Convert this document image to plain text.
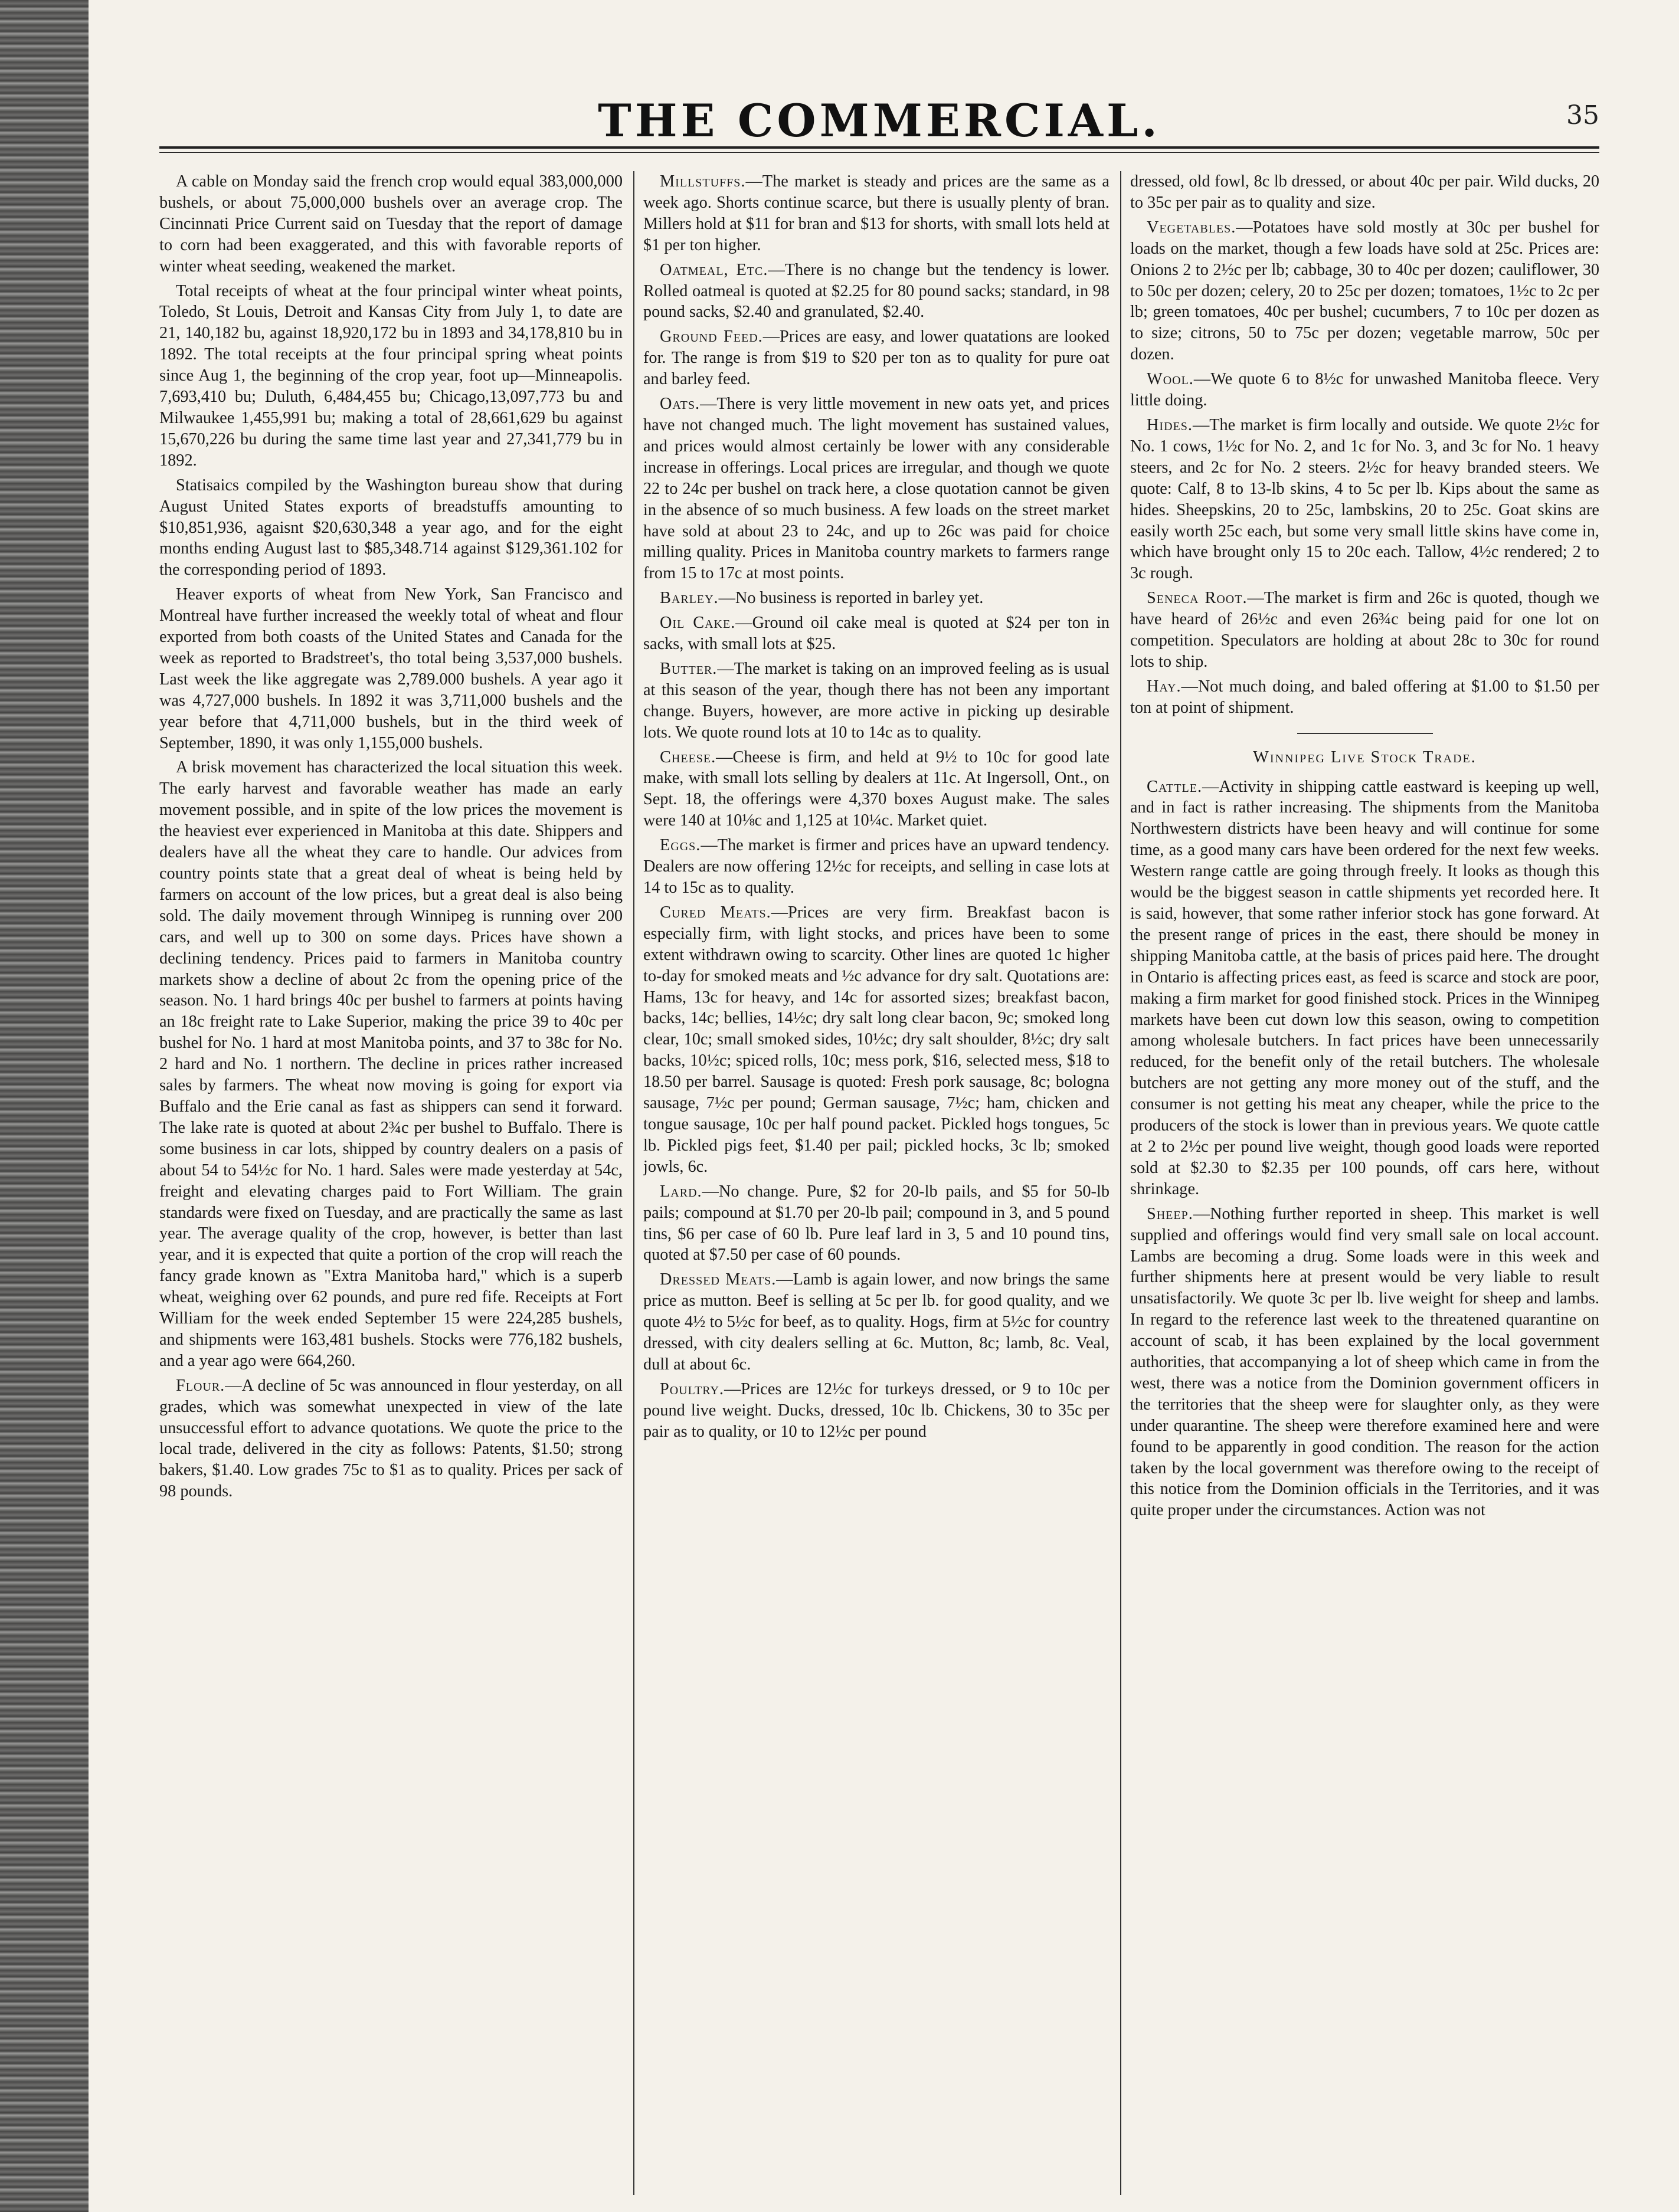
THE COMMERCIAL.	35

A cable on Monday said the french crop would equal 383,000,000 bushels, or about 75,000,000 bushels over an average crop. The Cincinnati Price Current said on Tuesday that the report of damage to corn had been exaggerated, and this with favorable reports of winter wheat seeding, weakened the market.

Total receipts of wheat at the four principal winter wheat points, Toledo, St Louis, Detroit and Kansas City from July 1, to date are 21, 140,182 bu, against 18,920,172 bu in 1893 and 34,178,810 bu in 1892. The total receipts at the four principal spring wheat points since Aug 1, the beginning of the crop year, foot up—Minneapolis. 7,693,410 bu; Duluth, 6,484,455 bu; Chicago,13,097,773 bu and Milwaukee 1,455,991 bu; making a total of 28,661,629 bu against 15,670,226 bu during the same time last year and 27,341,779 bu in 1892.

Statisaics compiled by the Washington bureau show that during August United States exports of breadstuffs amounting to $10,851,936, agaisnt $20,630,348 a year ago, and for the eight months ending August last to $85,348.714 against $129,361.102 for the corresponding period of 1893.

Heaver exports of wheat from New York, San Francisco and Montreal have further increased the weekly total of wheat and flour exported from both coasts of the United States and Canada for the week as reported to Bradstreet's, tho total being 3,537,000 bushels. Last week the like aggregate was 2,789.000 bushels. A year ago it was 4,727,000 bushels. In 1892 it was 3,711,000 bushels and the year before that 4,711,000 bushels, but in the third week of September, 1890, it was only 1,155,000 bushels.

A brisk movement has characterized the local situation this week. The early harvest and favorable weather has made an early movement possible, and in spite of the low prices the movement is the heaviest ever experienced in Manitoba at this date. Shippers and dealers have all the wheat they care to handle. Our advices from country points state that a great deal of wheat is being held by farmers on account of the low prices, but a great deal is also being sold. The daily movement through Winnipeg is running over 200 cars, and well up to 300 on some days. Prices have shown a declining tendency. Prices paid to farmers in Manitoba country markets show a decline of about 2c from the opening price of the season. No. 1 hard brings 40c per bushel to farmers at points having an 18c freight rate to Lake Superior, making the price 39 to 40c per bushel for No. 1 hard at most Manitoba points, and 37 to 38c for No. 2 hard and No. 1 northern. The decline in prices rather increased sales by farmers. The wheat now moving is going for export via Buffalo and the Erie canal as fast as shippers can send it forward. The lake rate is quoted at about 2¾c per bushel to Buffalo. There is some business in car lots, shipped by country dealers on a pasis of about 54 to 54½c for No. 1 hard. Sales were made yesterday at 54c, freight and elevating charges paid to Fort William. The grain standards were fixed on Tuesday, and are practically the same as last year. The average quality of the crop, however, is better than last year, and it is expected that quite a portion of the crop will reach the fancy grade known as "Extra Manitoba hard," which is a superb wheat, weighing over 62 pounds, and pure red fife. Receipts at Fort William for the week ended September 15 were 224,285 bushels, and shipments were 163,481 bushels. Stocks were 776,182 bushels, and a year ago were 664,260.

Flour.—A decline of 5c was announced in flour yesterday, on all grades, which was somewhat unexpected in view of the late unsuccessful effort to advance quotations. We quote the price to the local trade, delivered in the city as follows: Patents, $1.50; strong bakers, $1.40. Low grades 75c to $1 as to quality. Prices per sack of 98 pounds.

Millstuffs.—The market is steady and prices are the same as a week ago. Shorts continue scarce, but there is usually plenty of bran. Millers hold at $11 for bran and $13 for shorts, with small lots held at $1 per ton higher.

Oatmeal, Etc.—There is no change but the tendency is lower. Rolled oatmeal is quoted at $2.25 for 80 pound sacks; standard, in 98 pound sacks, $2.40 and granulated, $2.40.

Ground Feed.—Prices are easy, and lower quatations are looked for. The range is from $19 to $20 per ton as to quality for pure oat and barley feed.

Oats.—There is very little movement in new oats yet, and prices have not changed much. The light movement has sustained values, and prices would almost certainly be lower with any considerable increase in offerings. Local prices are irregular, and though we quote 22 to 24c per bushel on track here, a close quotation cannot be given in the absence of so much business. A few loads on the street market have sold at about 23 to 24c, and up to 26c was paid for choice milling quality. Prices in Manitoba country markets to farmers range from 15 to 17c at most points.

Barley.—No business is reported in barley yet.

Oil Cake.—Ground oil cake meal is quoted at $24 per ton in sacks, with small lots at $25.

Butter.—The market is taking on an improved feeling as is usual at this season of the year, though there has not been any important change. Buyers, however, are more active in picking up desirable lots. We quote round lots at 10 to 14c as to quality.

Cheese.—Cheese is firm, and held at 9½ to 10c for good late make, with small lots selling by dealers at 11c. At Ingersoll, Ont., on Sept. 18, the offerings were 4,370 boxes August make. The sales were 140 at 10⅛c and 1,125 at 10¼c. Market quiet.

Eggs.—The market is firmer and prices have an upward tendency. Dealers are now offering 12½c for receipts, and selling in case lots at 14 to 15c as to quality.

Cured Meats.—Prices are very firm. Breakfast bacon is especially firm, with light stocks, and prices have been to some extent withdrawn owing to scarcity. Other lines are quoted 1c higher to-day for smoked meats and ½c advance for dry salt. Quotations are: Hams, 13c for heavy, and 14c for assorted sizes; breakfast bacon, backs, 14c; bellies, 14½c; dry salt long clear bacon, 9c; smoked long clear, 10c; small smoked sides, 10½c; dry salt shoulder, 8½c; dry salt backs, 10½c; spiced rolls, 10c; mess pork, $16, selected mess, $18 to 18.50 per barrel. Sausage is quoted: Fresh pork sausage, 8c; bologna sausage, 7½c per pound; German sausage, 7½c; ham, chicken and tongue sausage, 10c per half pound packet. Pickled hogs tongues, 5c lb. Pickled pigs feet, $1.40 per pail; pickled hocks, 3c lb; smoked jowls, 6c.

Lard.—No change. Pure, $2 for 20-lb pails, and $5 for 50-lb pails; compound at $1.70 per 20-lb pail; compound in 3, and 5 pound tins, $6 per case of 60 lb. Pure leaf lard in 3, 5 and 10 pound tins, quoted at $7.50 per case of 60 pounds.

Dressed Meats.—Lamb is again lower, and now brings the same price as mutton. Beef is selling at 5c per lb. for good quality, and we quote 4½ to 5½c for beef, as to quality. Hogs, firm at 5½c for country dressed, with city dealers selling at 6c. Mutton, 8c; lamb, 8c. Veal, dull at about 6c.

Poultry.—Prices are 12½c for turkeys dressed, or 9 to 10c per pound live weight. Ducks, dressed, 10c lb. Chickens, 30 to 35c per pair as to quality, or 10 to 12½c per pound

dressed, old fowl, 8c lb dressed, or about 40c per pair. Wild ducks, 20 to 35c per pair as to quality and size.

Vegetables.—Potatoes have sold mostly at 30c per bushel for loads on the market, though a few loads have sold at 25c. Prices are: Onions 2 to 2½c per lb; cabbage, 30 to 40c per dozen; cauliflower, 30 to 50c per dozen; celery, 20 to 25c per dozen; tomatoes, 1½c to 2c per lb; green tomatoes, 40c per bushel; cucumbers, 7 to 10c per dozen as to size; citrons, 50 to 75c per dozen; vegetable marrow, 50c per dozen.

Wool.—We quote 6 to 8½c for unwashed Manitoba fleece. Very little doing.

Hides.—The market is firm locally and outside. We quote 2½c for No. 1 cows, 1½c for No. 2, and 1c for No. 3, and 3c for No. 1 heavy steers, and 2c for No. 2 steers. 2½c for heavy branded steers. We quote: Calf, 8 to 13-lb skins, 4 to 5c per lb. Kips about the same as hides. Sheepskins, 20 to 25c, lambskins, 20 to 25c. Goat skins are easily worth 25c each, but some very small little skins have come in, which have brought only 15 to 20c each. Tallow, 4½c rendered; 2 to 3c rough.

Seneca Root.—The market is firm and 26c is quoted, though we have heard of 26½c and even 26¾c being paid for one lot on competition. Speculators are holding at about 28c to 30c for round lots to ship.

Hay.—Not much doing, and baled offering at $1.00 to $1.50 per ton at point of shipment.

Winnipeg Live Stock Trade.

Cattle.—Activity in shipping cattle eastward is keeping up well, and in fact is rather increasing. The shipments from the Manitoba Northwestern districts have been heavy and will continue for some time, as a good many cars have been ordered for the next few weeks. Western range cattle are going through freely. It looks as though this would be the biggest season in cattle shipments yet recorded here. It is said, however, that some rather inferior stock has gone forward. At the present range of prices in the east, there should be money in shipping Manitoba cattle, at the basis of prices paid here. The drought in Ontario is affecting prices east, as feed is scarce and stock are poor, making a firm market for good finished stock. Prices in the Winnipeg markets have been cut down low this season, owing to competition among wholesale butchers. In fact prices have been unnecessarily reduced, for the benefit only of the retail butchers. The wholesale butchers are not getting any more money out of the stuff, and the consumer is not getting his meat any cheaper, while the price to the producers of the stock is lower than in previous years. We quote cattle at 2 to 2½c per pound live weight, though good loads were reported sold at $2.30 to $2.35 per 100 pounds, off cars here, without shrinkage.

Sheep.—Nothing further reported in sheep. This market is well supplied and offerings would find very small sale on local account. Lambs are becoming a drug. Some loads were in this week and further shipments here at present would be very liable to result unsatisfactorily. We quote 3c per lb. live weight for sheep and lambs. In regard to the reference last week to the threatened quarantine on account of scab, it has been explained by the local government authorities, that accompanying a lot of sheep which came in from the west, there was a notice from the Dominion government officers in the territories that the sheep were for slaughter only, as they were under quarantine. The sheep were therefore examined here and were found to be apparently in good condition. The reason for the action taken by the local government was therefore owing to the receipt of this notice from the Dominion officials in the Territories, and it was quite proper under the circumstances. Action was not
